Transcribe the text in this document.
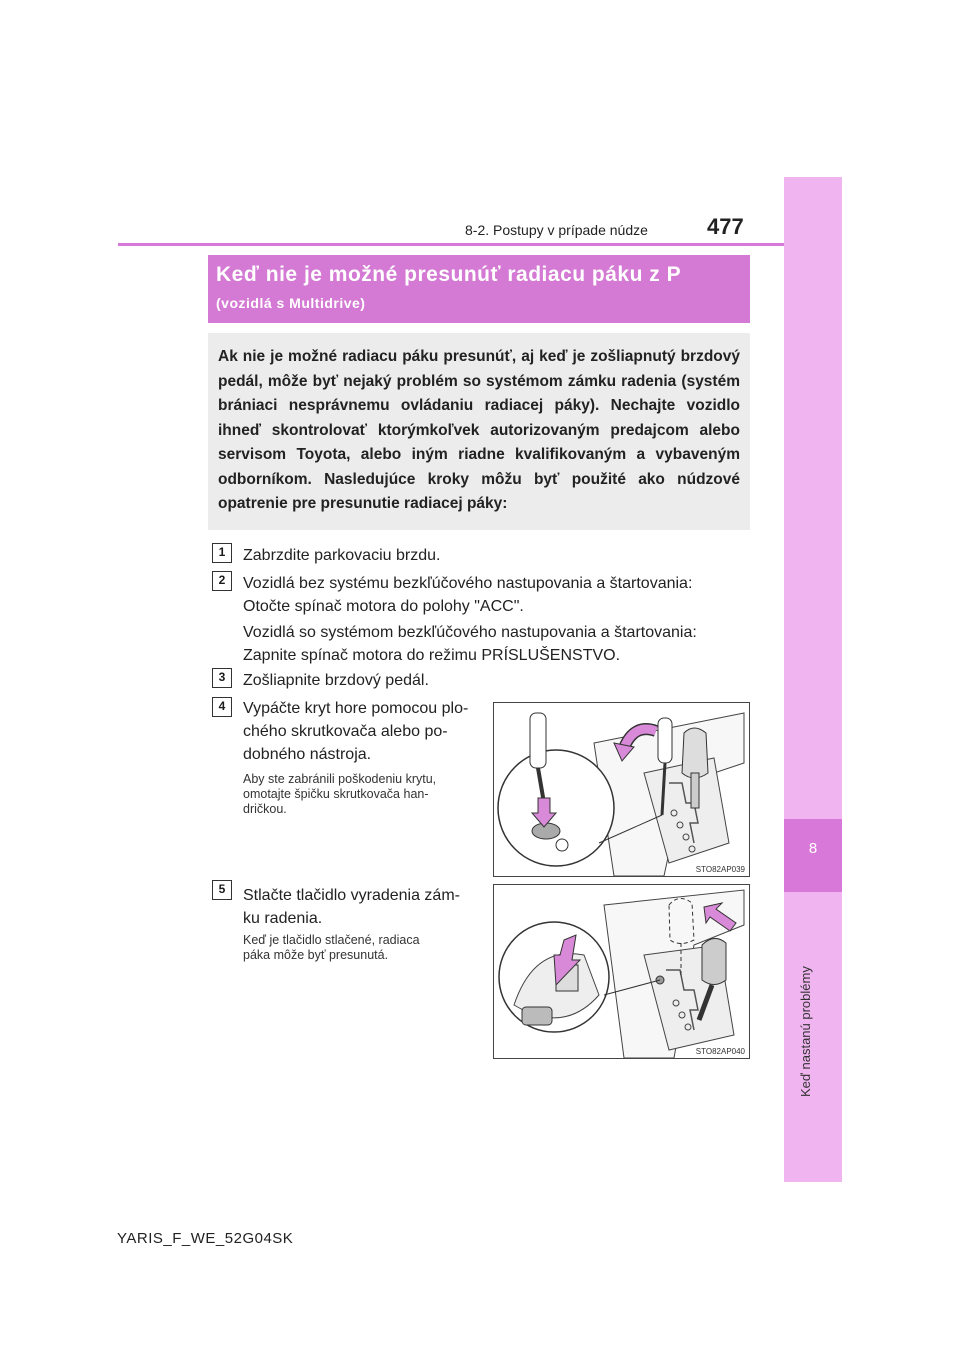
8
Keď nastanú problémy
8-2. Postupy v prípade núdze	477
Keď nie je možné presunúť radiacu páku z P
(vozidlá s Multidrive)
Ak nie je možné radiacu páku presunúť, aj keď je zošliapnutý brzdový pedál, môže byť nejaký problém so systémom zámku radenia (systém brániaci nesprávnemu ovládaniu radiacej páky). Nechajte vozidlo ihneď skontrolovať ktorýmkoľvek autorizovaným predajcom alebo servisom Toyota, alebo iným riadne kvalifikovaným a vybaveným odborníkom. Nasledujúce kroky môžu byť použité ako núdzové opatrenie pre presunutie radiacej páky:
1	Zabrzdite parkovaciu brzdu.
2	Vozidlá bez systému bezkľúčového nastupovania a štartovania:
Otočte spínač motora do polohy "ACC".
Vozidlá so systémom bezkľúčového nastupovania a štartovania:
Zapnite spínač motora do režimu PRÍSLUŠENSTVO.
3	Zošliapnite brzdový pedál.
4	Vypáčte kryt hore pomocou plo-
chého skrutkovača alebo po-
dobného nástroja.
Aby ste zabránili poškodeniu krytu,
omotajte špičku skrutkovača han-
dričkou.
STO82AP039
5	Stlačte tlačidlo vyradenia zám-
ku radenia.
Keď je tlačidlo stlačené, radiaca
páka môže byť presunutá.
STO82AP040
YARIS_F_WE_52G04SK
